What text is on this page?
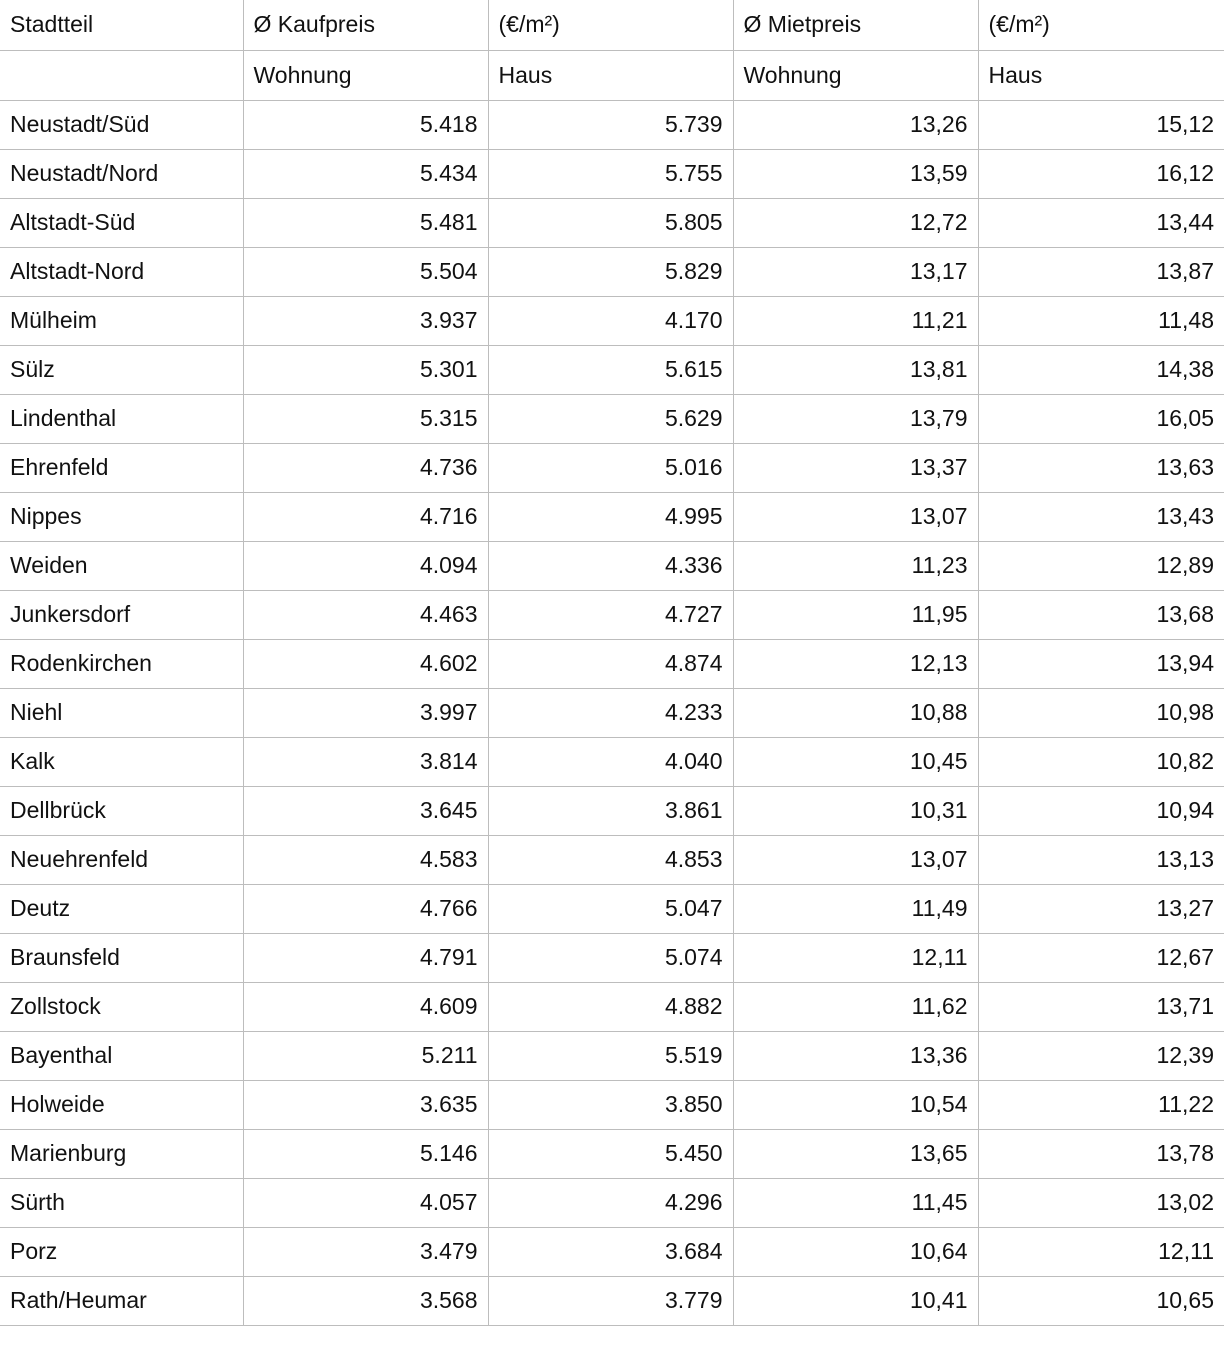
Stadtteil	Ø Kaufpreis	(€/m²)	Ø Mietpreis	(€/m²)
	Wohnung	Haus	Wohnung	Haus
Neustadt/Süd	5.418	5.739	13,26	15,12
Neustadt/Nord	5.434	5.755	13,59	16,12
Altstadt-Süd	5.481	5.805	12,72	13,44
Altstadt-Nord	5.504	5.829	13,17	13,87
Mülheim	3.937	4.170	11,21	11,48
Sülz	5.301	5.615	13,81	14,38
Lindenthal	5.315	5.629	13,79	16,05
Ehrenfeld	4.736	5.016	13,37	13,63
Nippes	4.716	4.995	13,07	13,43
Weiden	4.094	4.336	11,23	12,89
Junkersdorf	4.463	4.727	11,95	13,68
Rodenkirchen	4.602	4.874	12,13	13,94
Niehl	3.997	4.233	10,88	10,98
Kalk	3.814	4.040	10,45	10,82
Dellbrück	3.645	3.861	10,31	10,94
Neuehrenfeld	4.583	4.853	13,07	13,13
Deutz	4.766	5.047	11,49	13,27
Braunsfeld	4.791	5.074	12,11	12,67
Zollstock	4.609	4.882	11,62	13,71
Bayenthal	5.211	5.519	13,36	12,39
Holweide	3.635	3.850	10,54	11,22
Marienburg	5.146	5.450	13,65	13,78
Sürth	4.057	4.296	11,45	13,02
Porz	3.479	3.684	10,64	12,11
Rath/Heumar	3.568	3.779	10,41	10,65
